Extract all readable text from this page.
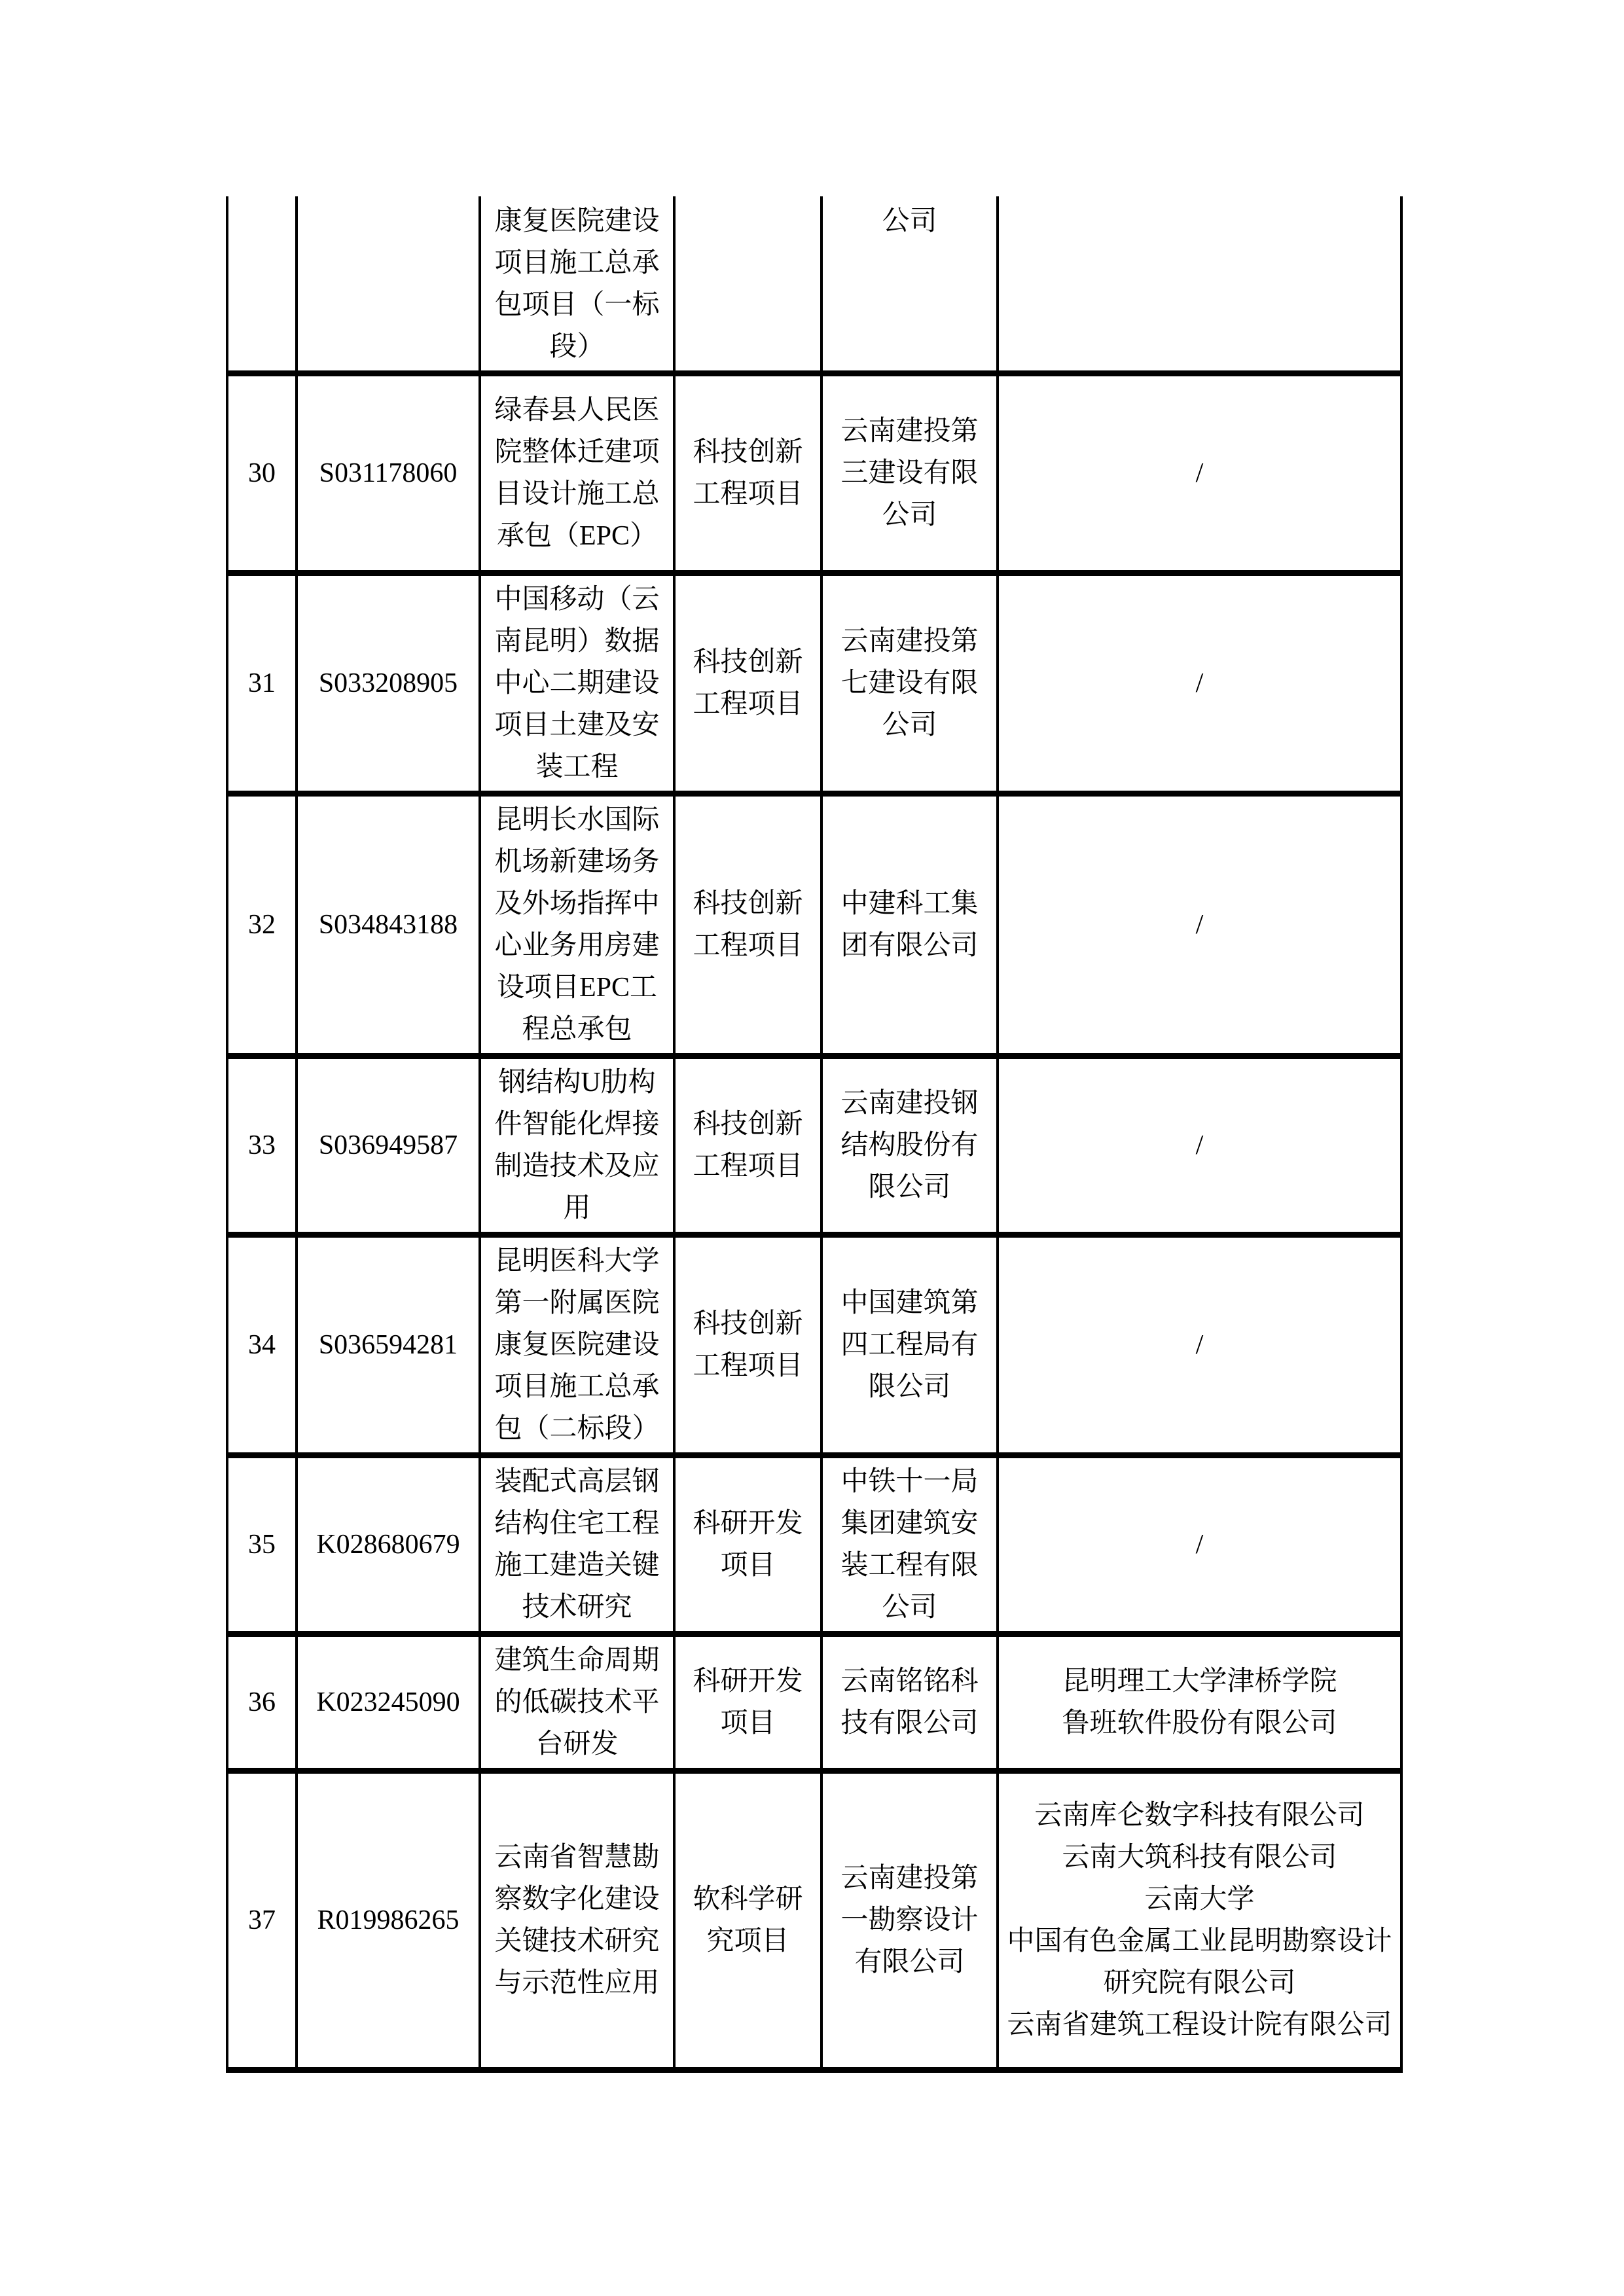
		康复医院建设项目施工总承包项目（一标段）		公司	
30	S031178060	绿春县人民医院整体迁建项目设计施工总承包（EPC）	科技创新工程项目	云南建投第三建设有限公司	/
31	S033208905	中国移动（云南昆明）数据中心二期建设项目土建及安装工程	科技创新工程项目	云南建投第七建设有限公司	/
32	S034843188	昆明长水国际机场新建场务及外场指挥中心业务用房建设项目EPC工程总承包	科技创新工程项目	中建科工集团有限公司	/
33	S036949587	钢结构U肋构件智能化焊接制造技术及应用	科技创新工程项目	云南建投钢结构股份有限公司	/
34	S036594281	昆明医科大学第一附属医院康复医院建设项目施工总承包（二标段）	科技创新工程项目	中国建筑第四工程局有限公司	/
35	K028680679	装配式高层钢结构住宅工程施工建造关键技术研究	科研开发项目	中铁十一局集团建筑安装工程有限公司	/
36	K023245090	建筑生命周期的低碳技术平台研发	科研开发项目	云南铭铭科技有限公司	昆明理工大学津桥学院
鲁班软件股份有限公司

37	R019986265	云南省智慧勘察数字化建设关键技术研究与示范性应用	软科学研究项目	云南建投第一勘察设计有限公司	云南库仑数字科技有限公司
云南大筑科技有限公司
云南大学
中国有色金属工业昆明勘察设计研究院有限公司
云南省建筑工程设计院有限公司
